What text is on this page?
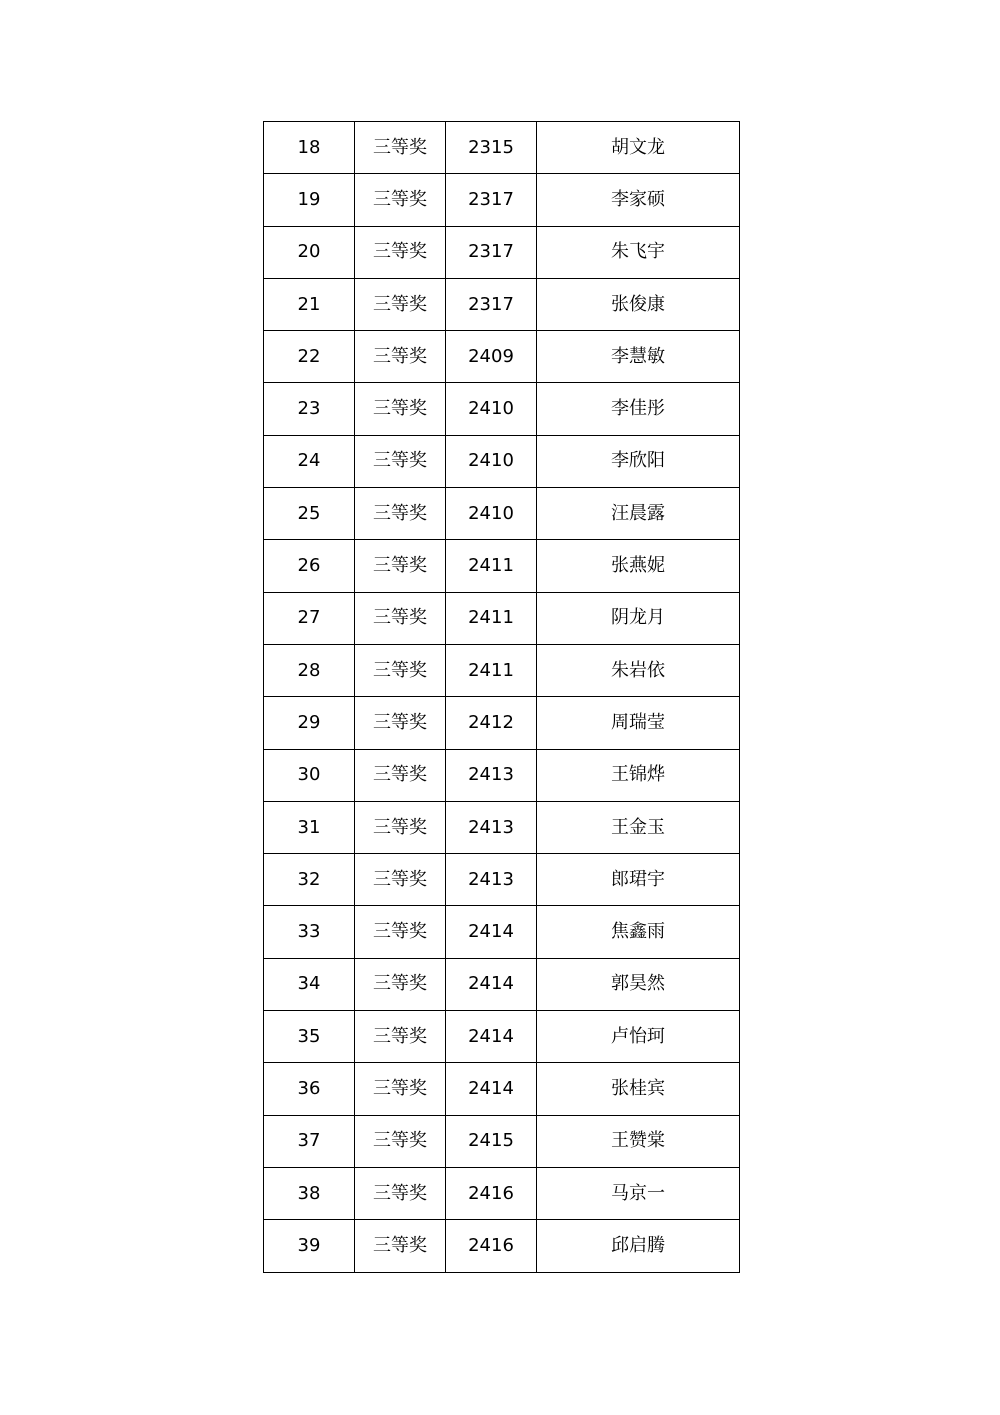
18	三等奖	2315	胡文龙
19	三等奖	2317	李家硕
20	三等奖	2317	朱飞宇
21	三等奖	2317	张俊康
22	三等奖	2409	李慧敏
23	三等奖	2410	李佳彤
24	三等奖	2410	李欣阳
25	三等奖	2410	汪晨露
26	三等奖	2411	张燕妮
27	三等奖	2411	阴龙月
28	三等奖	2411	朱岩依
29	三等奖	2412	周瑞莹
30	三等奖	2413	王锦烨
31	三等奖	2413	王金玉
32	三等奖	2413	郎珺宇
33	三等奖	2414	焦鑫雨
34	三等奖	2414	郭昊然
35	三等奖	2414	卢怡珂
36	三等奖	2414	张桂宾
37	三等奖	2415	王赞棠
38	三等奖	2416	马京一
39	三等奖	2416	邱启腾
